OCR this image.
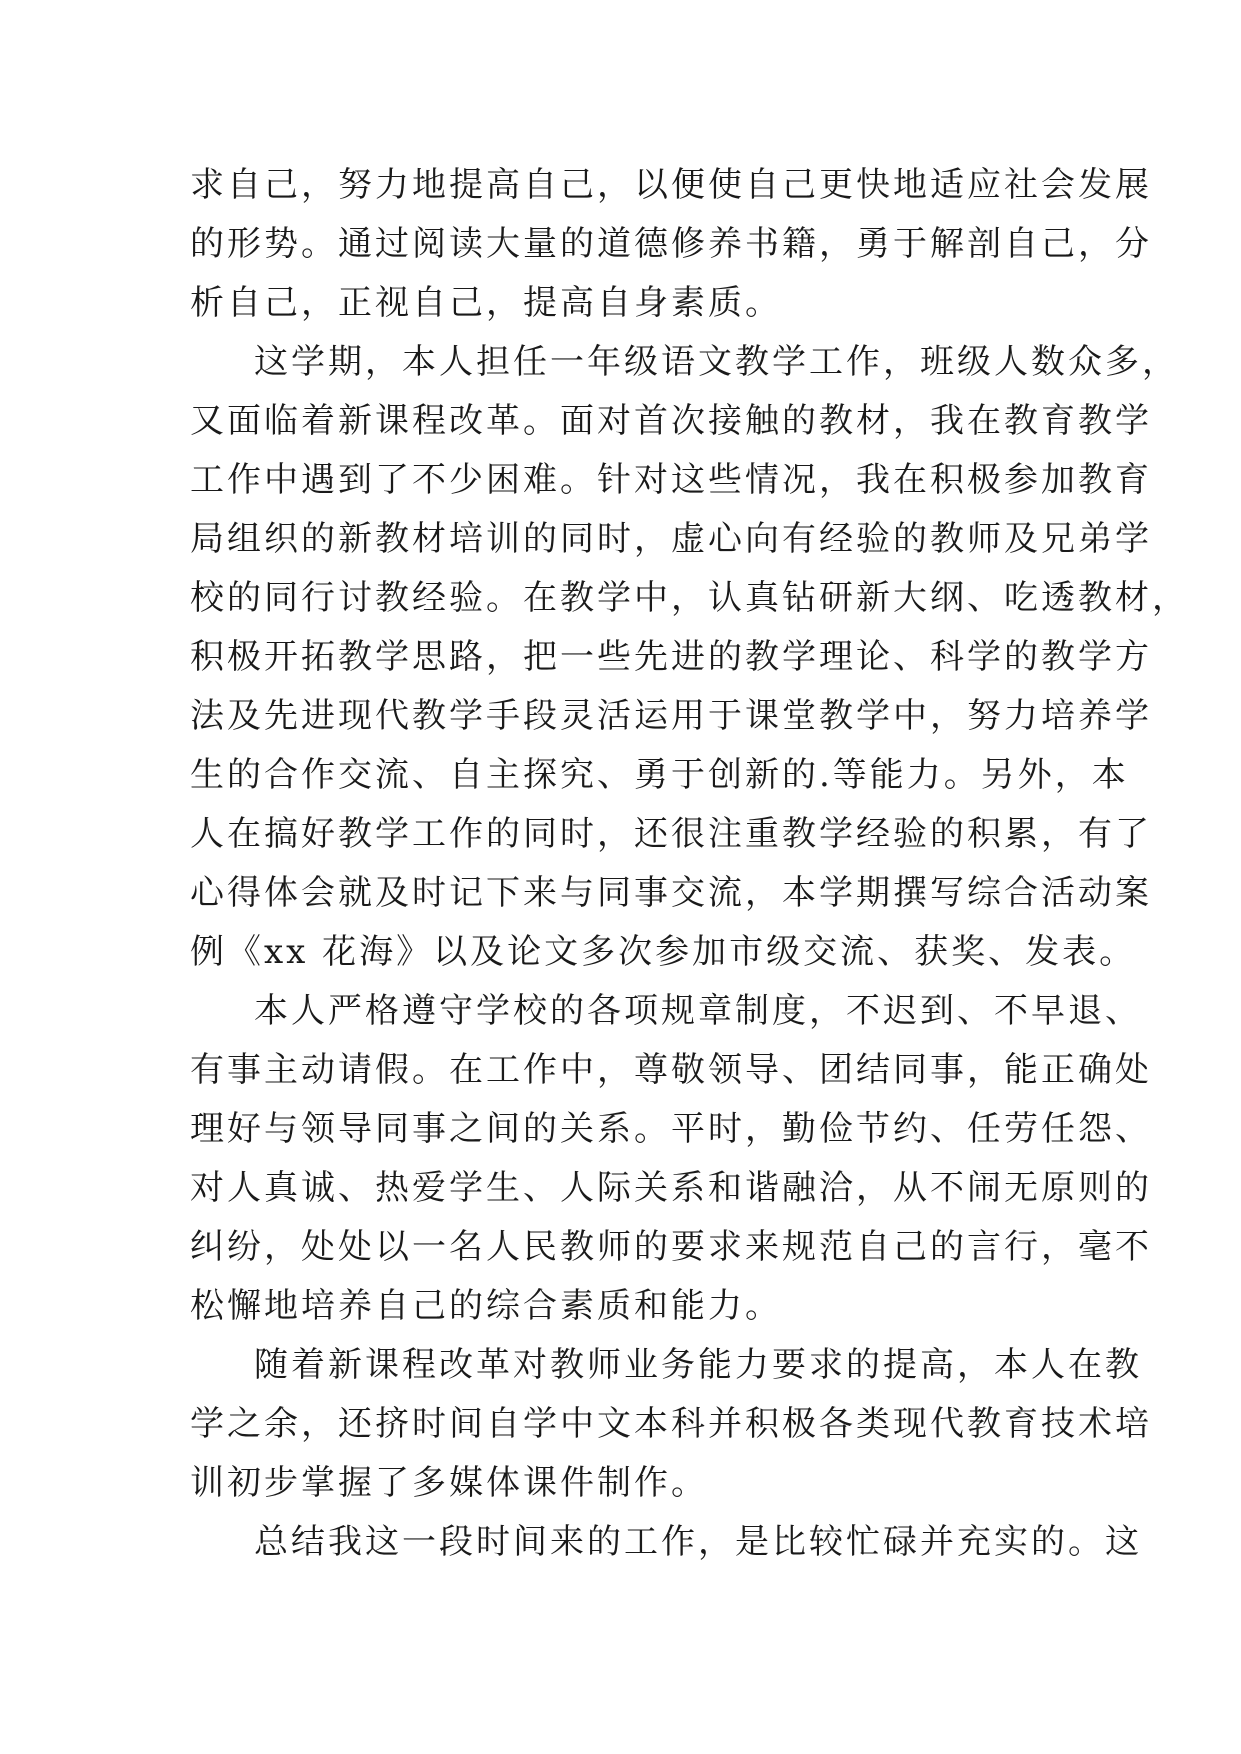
求自己，努力地提高自己，以便使自己更快地适应社会发展
的形势。通过阅读大量的道德修养书籍，勇于解剖自己，分
析自己，正视自己，提高自身素质。
这学期，本人担任一年级语文教学工作，班级人数众多，
又面临着新课程改革。面对首次接触的教材，我在教育教学
工作中遇到了不少困难。针对这些情况，我在积极参加教育
局组织的新教材培训的同时，虚心向有经验的教师及兄弟学
校的同行讨教经验。在教学中，认真钻研新大纲、吃透教材，
积极开拓教学思路，把一些先进的教学理论、科学的教学方
法及先进现代教学手段灵活运用于课堂教学中，努力培养学
生的合作交流、自主探究、勇于创新的.等能力。另外，本
人在搞好教学工作的同时，还很注重教学经验的积累，有了
心得体会就及时记下来与同事交流，本学期撰写综合活动案
例《xx 花海》以及论文多次参加市级交流、获奖、发表。
本人严格遵守学校的各项规章制度，不迟到、不早退、
有事主动请假。在工作中，尊敬领导、团结同事，能正确处
理好与领导同事之间的关系。平时，勤俭节约、任劳任怨、
对人真诚、热爱学生、人际关系和谐融洽，从不闹无原则的
纠纷，处处以一名人民教师的要求来规范自己的言行，毫不
松懈地培养自己的综合素质和能力。
随着新课程改革对教师业务能力要求的提高，本人在教
学之余，还挤时间自学中文本科并积极各类现代教育技术培
训初步掌握了多媒体课件制作。
总结我这一段时间来的工作，是比较忙碌并充实的。这
